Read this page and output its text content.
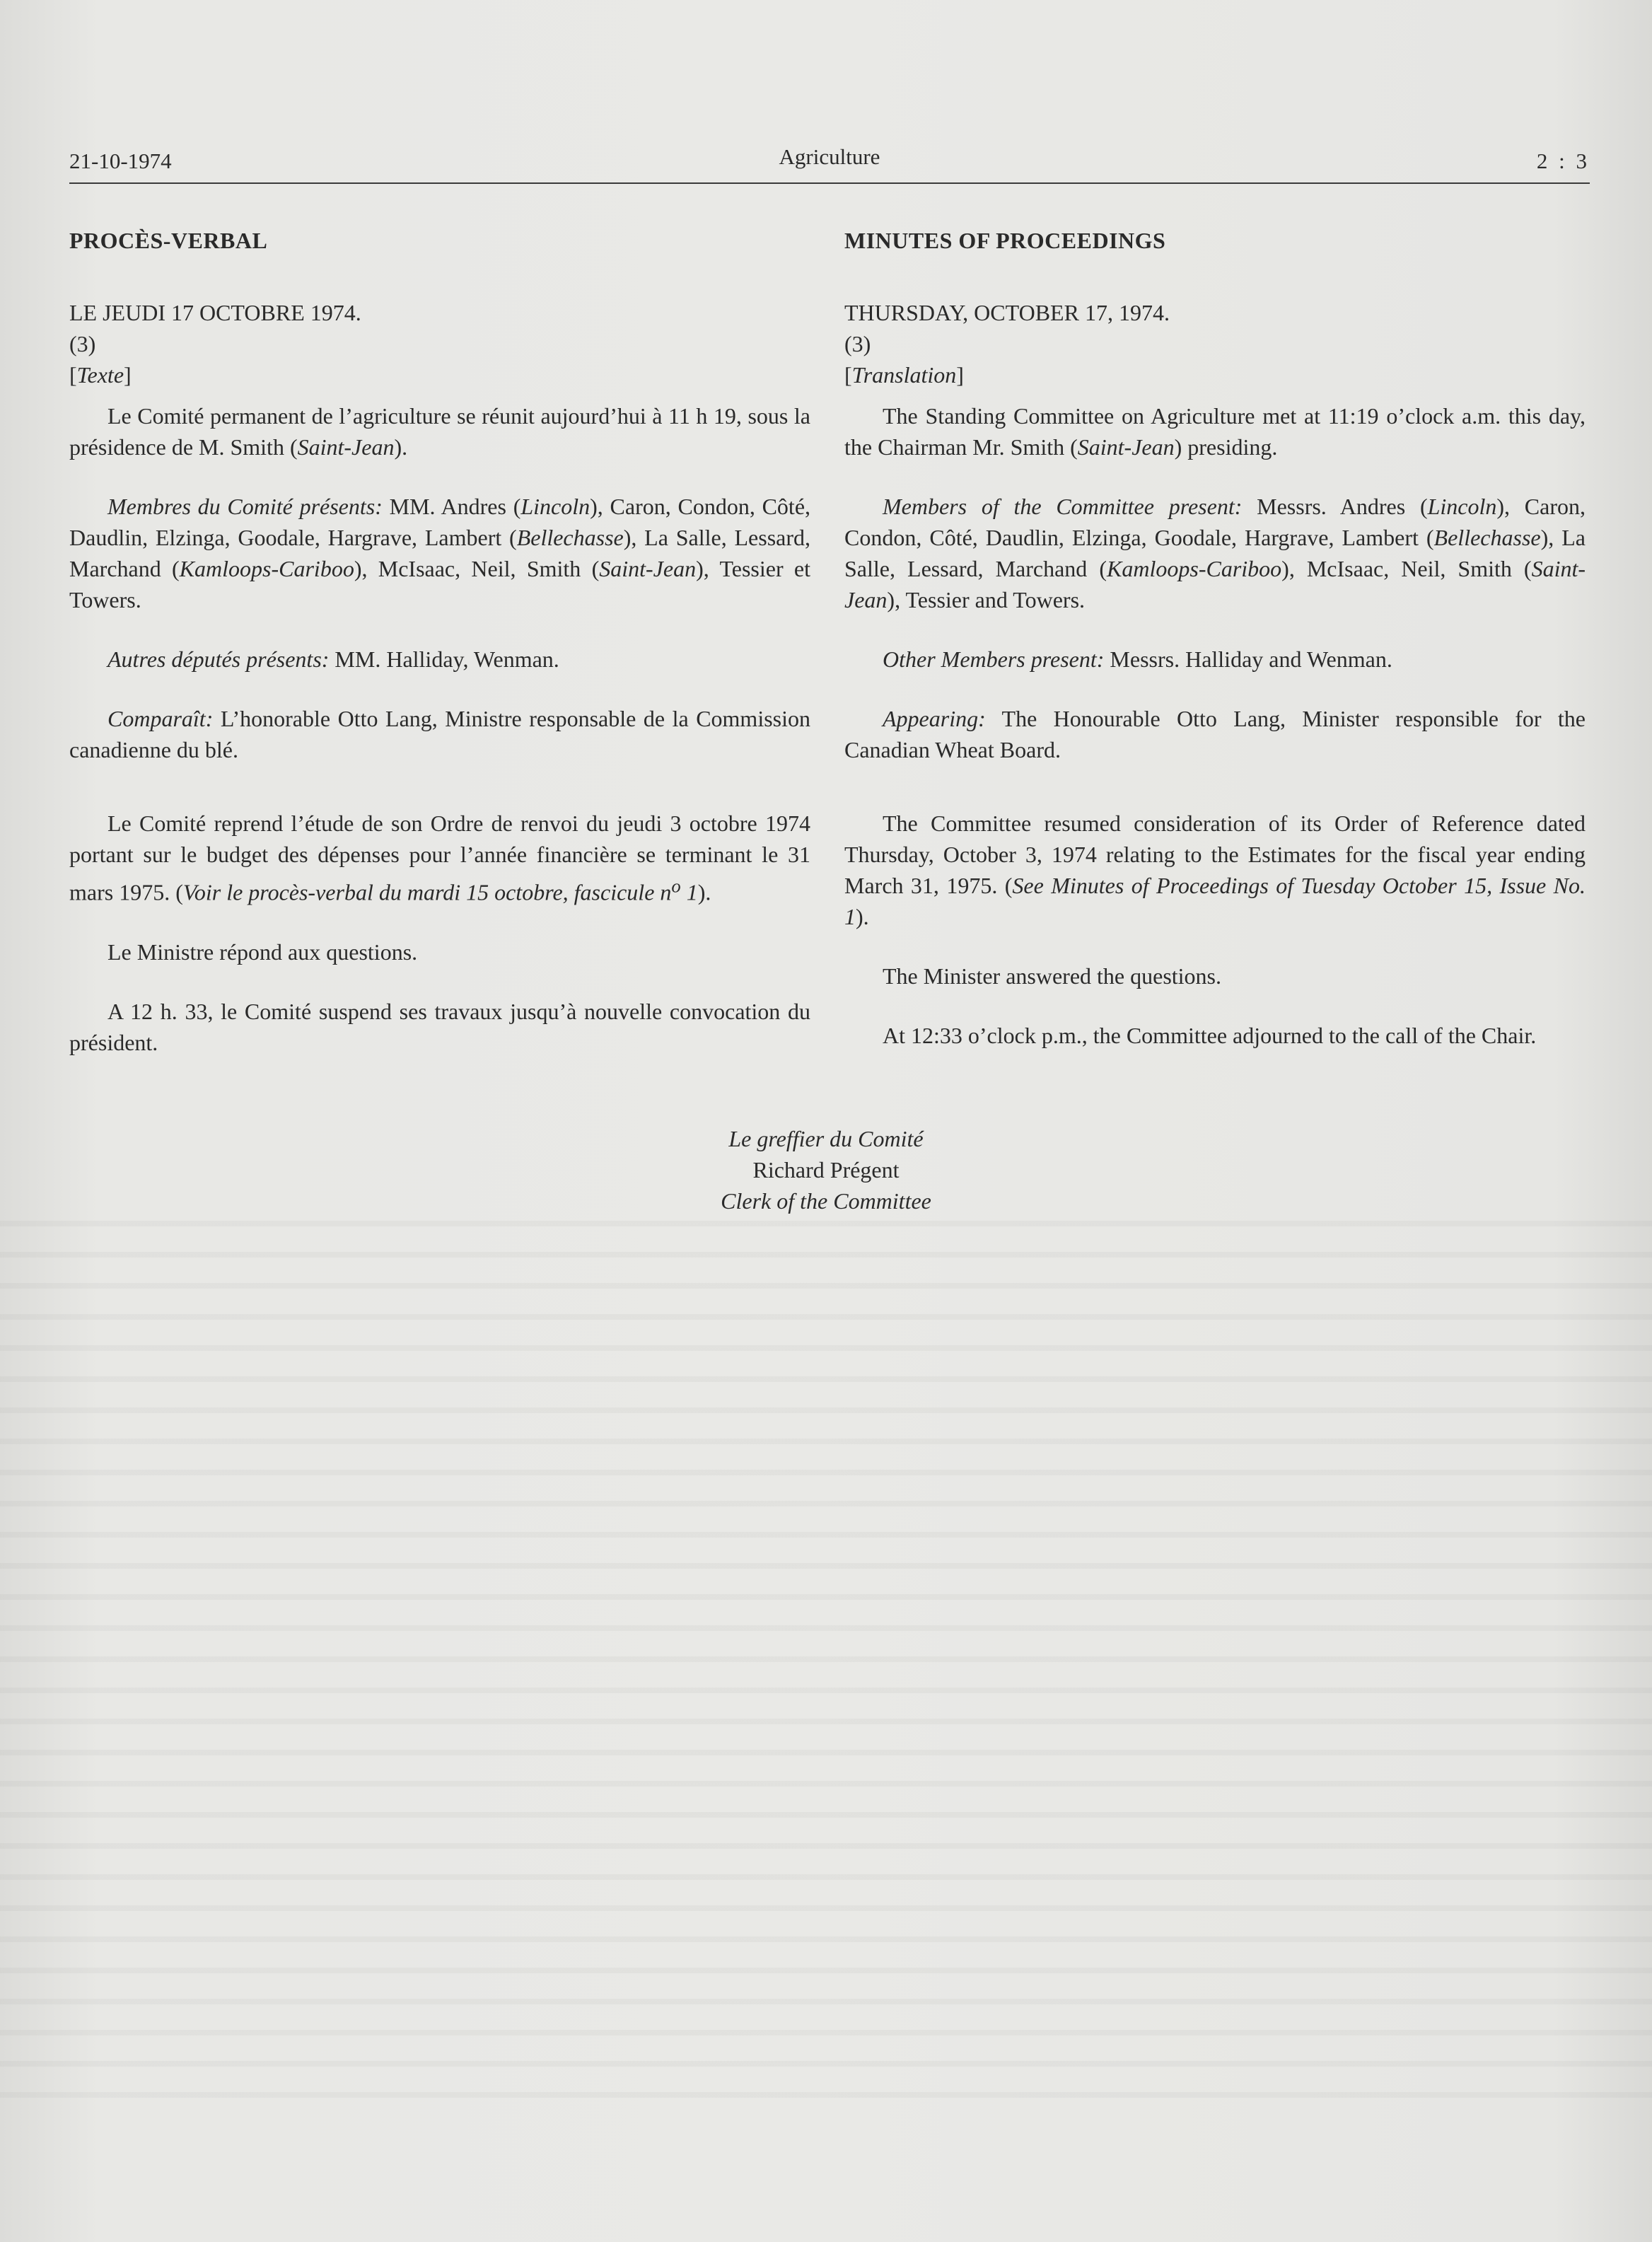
21-10-1974	Agriculture	2 : 3

PROCÈS-VERBAL

LE JEUDI 17 OCTOBRE 1974.

(3)

[Texte]

Le Comité permanent de l’agriculture se réunit aujourd’hui à 11 h 19, sous la présidence de M. Smith (Saint-Jean).

Membres du Comité présents: MM. Andres (Lincoln), Caron, Condon, Côté, Daudlin, Elzinga, Goodale, Hargrave, Lambert (Bellechasse), La Salle, Lessard, Marchand (Kamloops-Cariboo), McIsaac, Neil, Smith (Saint-Jean), Tessier et Towers.

Autres députés présents: MM. Halliday, Wenman.

Comparaît: L’honorable Otto Lang, Ministre responsable de la Commission canadienne du blé.

Le Comité reprend l’étude de son Ordre de renvoi du jeudi 3 octobre 1974 portant sur le budget des dépenses pour l’année financière se terminant le 31 mars 1975. (Voir le procès-verbal du mardi 15 octobre, fascicule $n^o$ 1).

Le Ministre répond aux questions.

A 12 h. 33, le Comité suspend ses travaux jusqu’à nouvelle convocation du président.

MINUTES OF PROCEEDINGS

THURSDAY, OCTOBER 17, 1974.

(3)

[Translation]

The Standing Committee on Agriculture met at 11:19 o’clock a.m. this day, the Chairman Mr. Smith (Saint-Jean) presiding.

Members of the Committee present: Messrs. Andres (Lincoln), Caron, Condon, Côté, Daudlin, Elzinga, Goodale, Hargrave, Lambert (Bellechasse), La Salle, Lessard, Marchand (Kamloops-Cariboo), McIsaac, Neil, Smith (Saint-Jean), Tessier and Towers.

Other Members present: Messrs. Halliday and Wenman.

Appearing: The Honourable Otto Lang, Minister responsible for the Canadian Wheat Board.

The Committee resumed consideration of its Order of Reference dated Thursday, October 3, 1974 relating to the Estimates for the fiscal year ending March 31, 1975. (See Minutes of Proceedings of Tuesday October 15, Issue No. 1).

The Minister answered the questions.

At 12:33 o’clock p.m., the Committee adjourned to the call of the Chair.

Le greffier du Comité
Richard Prégent
Clerk of the Committee
